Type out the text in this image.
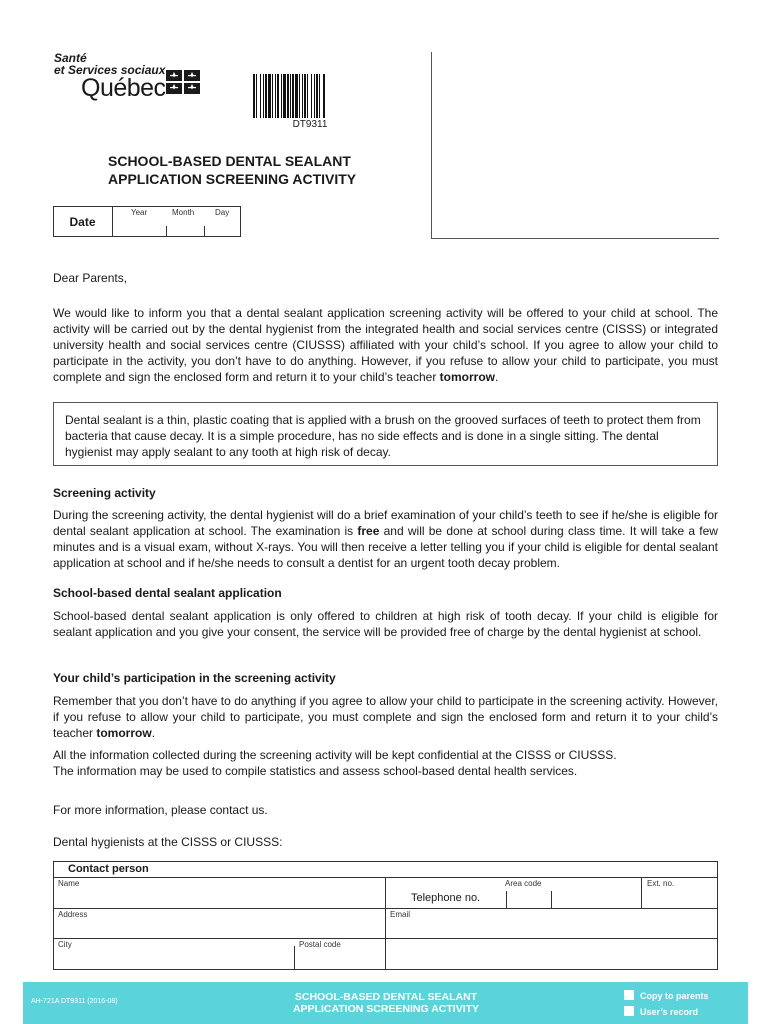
Santé
et Services sociaux
Québec
DT9311
SCHOOL-BASED DENTAL SEALANT
APPLICATION SCREENING ACTIVITY
Date
Year	Month	Day
Dear Parents,
We would like to inform you that a dental sealant application screening activity will be offered to your child at school. The activity will be carried out by the dental hygienist from the integrated health and social services centre (CISSS) or integrated university health and social services centre (CIUSSS) affiliated with your child’s school. If you agree to allow your child to participate in the activity, you don’t have to do anything. However, if you refuse to allow your child to participate, you must complete and sign the enclosed form and return it to your child’s teacher tomorrow.
Dental sealant is a thin, plastic coating that is applied with a brush on the grooved surfaces of teeth to protect them from bacteria that cause decay. It is a simple procedure, has no side effects and is done in a single sitting. The dental hygienist may apply sealant to any tooth at high risk of decay.
Screening activity
During the screening activity, the dental hygienist will do a brief examination of your child’s teeth to see if he/she is eligible for dental sealant application at school. The examination is free and will be done at school during class time. It will take a few minutes and is a visual exam, without X-rays. You will then receive a letter telling you if your child is eligible for dental sealant application at school and if he/she needs to consult a dentist for an urgent tooth decay problem.
School-based dental sealant application
School-based dental sealant application is only offered to children at high risk of tooth decay. If your child is eligible for sealant application and you give your consent, the service will be provided free of charge by the dental hygienist at school.
Your child’s participation in the screening activity
Remember that you don’t have to do anything if you agree to allow your child to participate in the screening activity. However, if you refuse to allow your child to participate, you must complete and sign the enclosed form and return it to your child’s teacher tomorrow.
All the information collected during the screening activity will be kept confidential at the CISSS or CIUSSS.
The information may be used to compile statistics and assess school-based dental health services.
For more information, please contact us.
Dental hygienists at the CISSS or CIUSSS:
Contact person
Name	Area code	Ext. no.
Telephone no.
Address	Email
City	Postal code
AH-721A DT9311 (2016-08)	SCHOOL-BASED DENTAL SEALANT
APPLICATION SCREENING ACTIVITY
Copy to parents
User’s record
